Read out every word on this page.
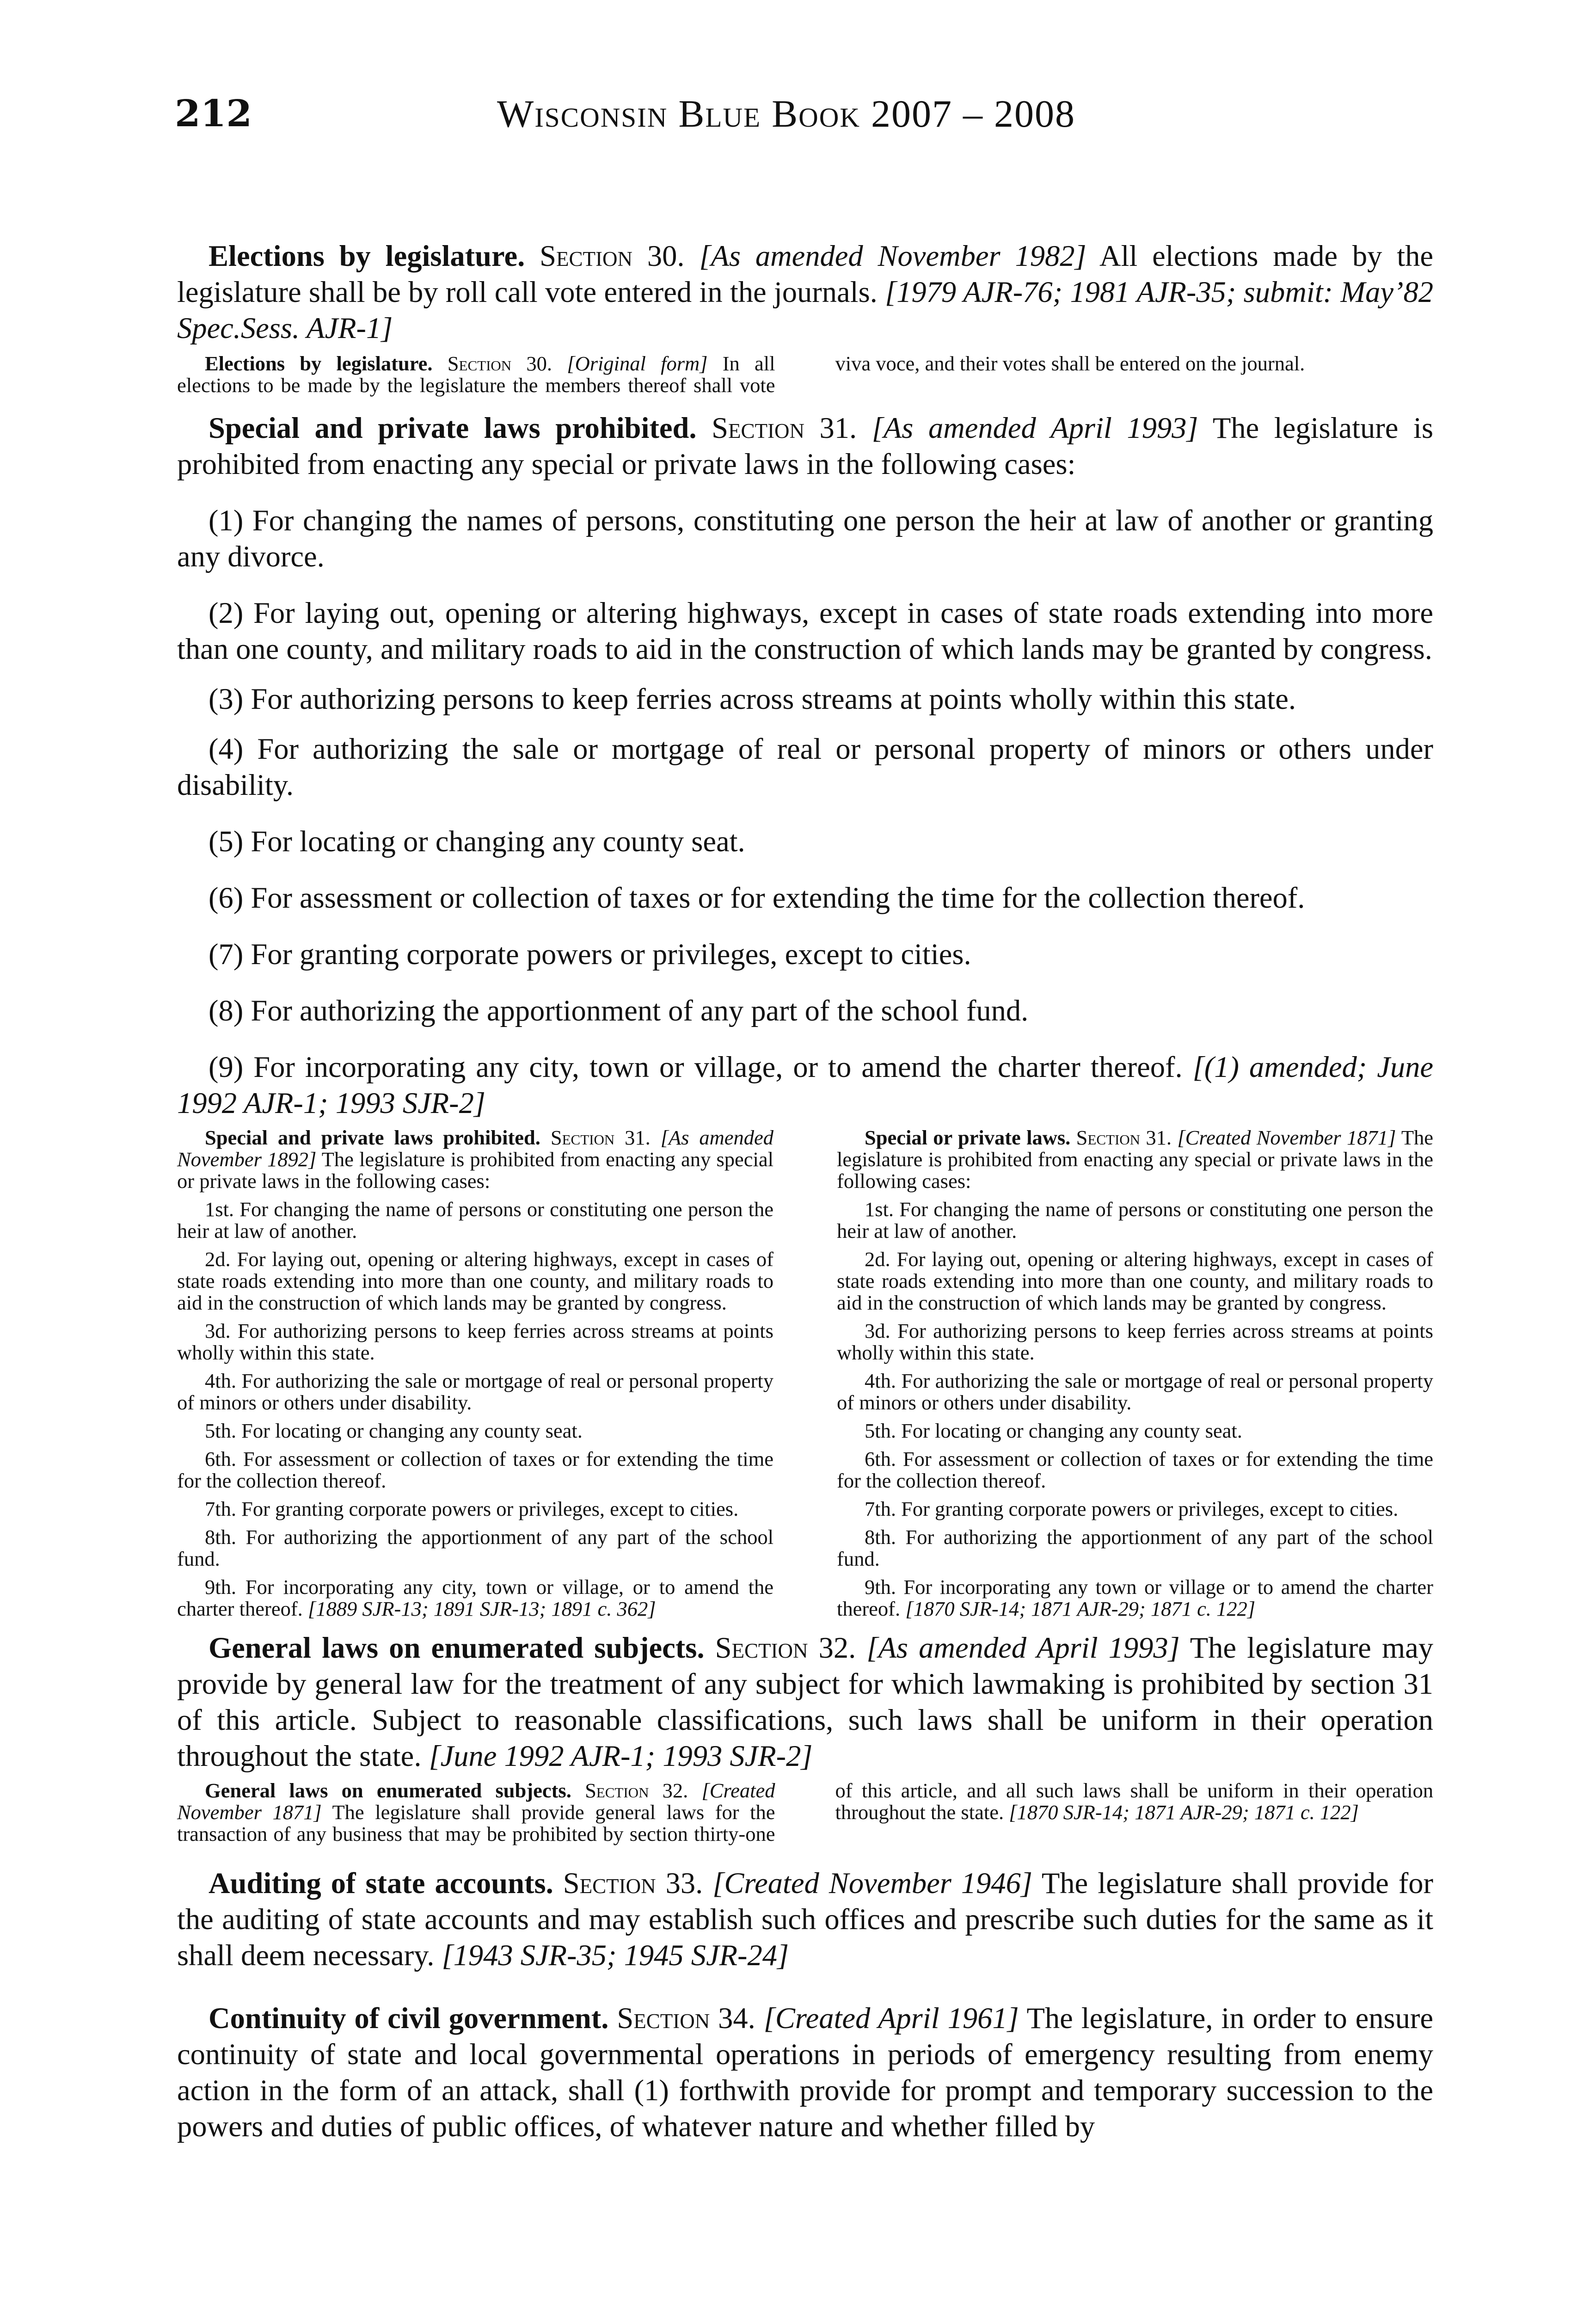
212	Wisconsin Blue Book 2007 – 2008

Elections by legislature. Section 30. [As amended November 1982] All elections made by the legislature shall be by roll call vote entered in the journals. [1979 AJR-76; 1981 AJR-35; submit: May’82 Spec.Sess. AJR-1]

Elections by legislature. Section 30. [Original form] In all elections to be made by the legislature the members thereof shall vote viva voce, and their votes shall be entered on the journal.

Special and private laws prohibited. Section 31. [As amended April 1993] The legislature is prohibited from enacting any special or private laws in the following cases:

(1) For changing the names of persons, constituting one person the heir at law of another or granting any divorce.

(2) For laying out, opening or altering highways, except in cases of state roads extending into more than one county, and military roads to aid in the construction of which lands may be granted by congress.

(3) For authorizing persons to keep ferries across streams at points wholly within this state.

(4) For authorizing the sale or mortgage of real or personal property of minors or others under disability.

(5) For locating or changing any county seat.

(6) For assessment or collection of taxes or for extending the time for the collection thereof.

(7) For granting corporate powers or privileges, except to cities.

(8) For authorizing the apportionment of any part of the school fund.

(9) For incorporating any city, town or village, or to amend the charter thereof. [(1) amended; June 1992 AJR-1; 1993 SJR-2]

Special and private laws prohibited. Section 31. [As amended November 1892] The legislature is prohibited from enacting any special or private laws in the following cases:

1st. For changing the name of persons or constituting one person the heir at law of another.

2d. For laying out, opening or altering highways, except in cases of state roads extending into more than one county, and military roads to aid in the construction of which lands may be granted by congress.

3d. For authorizing persons to keep ferries across streams at points wholly within this state.

4th. For authorizing the sale or mortgage of real or personal property of minors or others under disability.

5th. For locating or changing any county seat.

6th. For assessment or collection of taxes or for extending the time for the collection thereof.

7th. For granting corporate powers or privileges, except to cities.

8th. For authorizing the apportionment of any part of the school fund.

9th. For incorporating any city, town or village, or to amend the charter thereof. [1889 SJR-13; 1891 SJR-13; 1891 c. 362]

Special or private laws. Section 31. [Created November 1871] The legislature is prohibited from enacting any special or private laws in the following cases:

1st. For changing the name of persons or constituting one person the heir at law of another.

2d. For laying out, opening or altering highways, except in cases of state roads extending into more than one county, and military roads to aid in the construction of which lands may be granted by congress.

3d. For authorizing persons to keep ferries across streams at points wholly within this state.

4th. For authorizing the sale or mortgage of real or personal property of minors or others under disability.

5th. For locating or changing any county seat.

6th. For assessment or collection of taxes or for extending the time for the collection thereof.

7th. For granting corporate powers or privileges, except to cities.

8th. For authorizing the apportionment of any part of the school fund.

9th. For incorporating any town or village or to amend the charter thereof. [1870 SJR-14; 1871 AJR-29; 1871 c. 122]

General laws on enumerated subjects. Section 32. [As amended April 1993] The legislature may provide by general law for the treatment of any subject for which lawmaking is prohibited by section 31 of this article. Subject to reasonable classifications, such laws shall be uniform in their operation throughout the state. [June 1992 AJR-1; 1993 SJR-2]

General laws on enumerated subjects. Section 32. [Created November 1871] The legislature shall provide general laws for the transaction of any business that may be prohibited by section thirty-one of this article, and all such laws shall be uniform in their operation throughout the state. [1870 SJR-14; 1871 AJR-29; 1871 c. 122]

Auditing of state accounts. Section 33. [Created November 1946] The legislature shall provide for the auditing of state accounts and may establish such offices and prescribe such duties for the same as it shall deem necessary. [1943 SJR-35; 1945 SJR-24]

Continuity of civil government. Section 34. [Created April 1961] The legislature, in order to ensure continuity of state and local governmental operations in periods of emergency resulting from enemy action in the form of an attack, shall (1) forthwith provide for prompt and temporary succession to the powers and duties of public offices, of whatever nature and whether filled by
